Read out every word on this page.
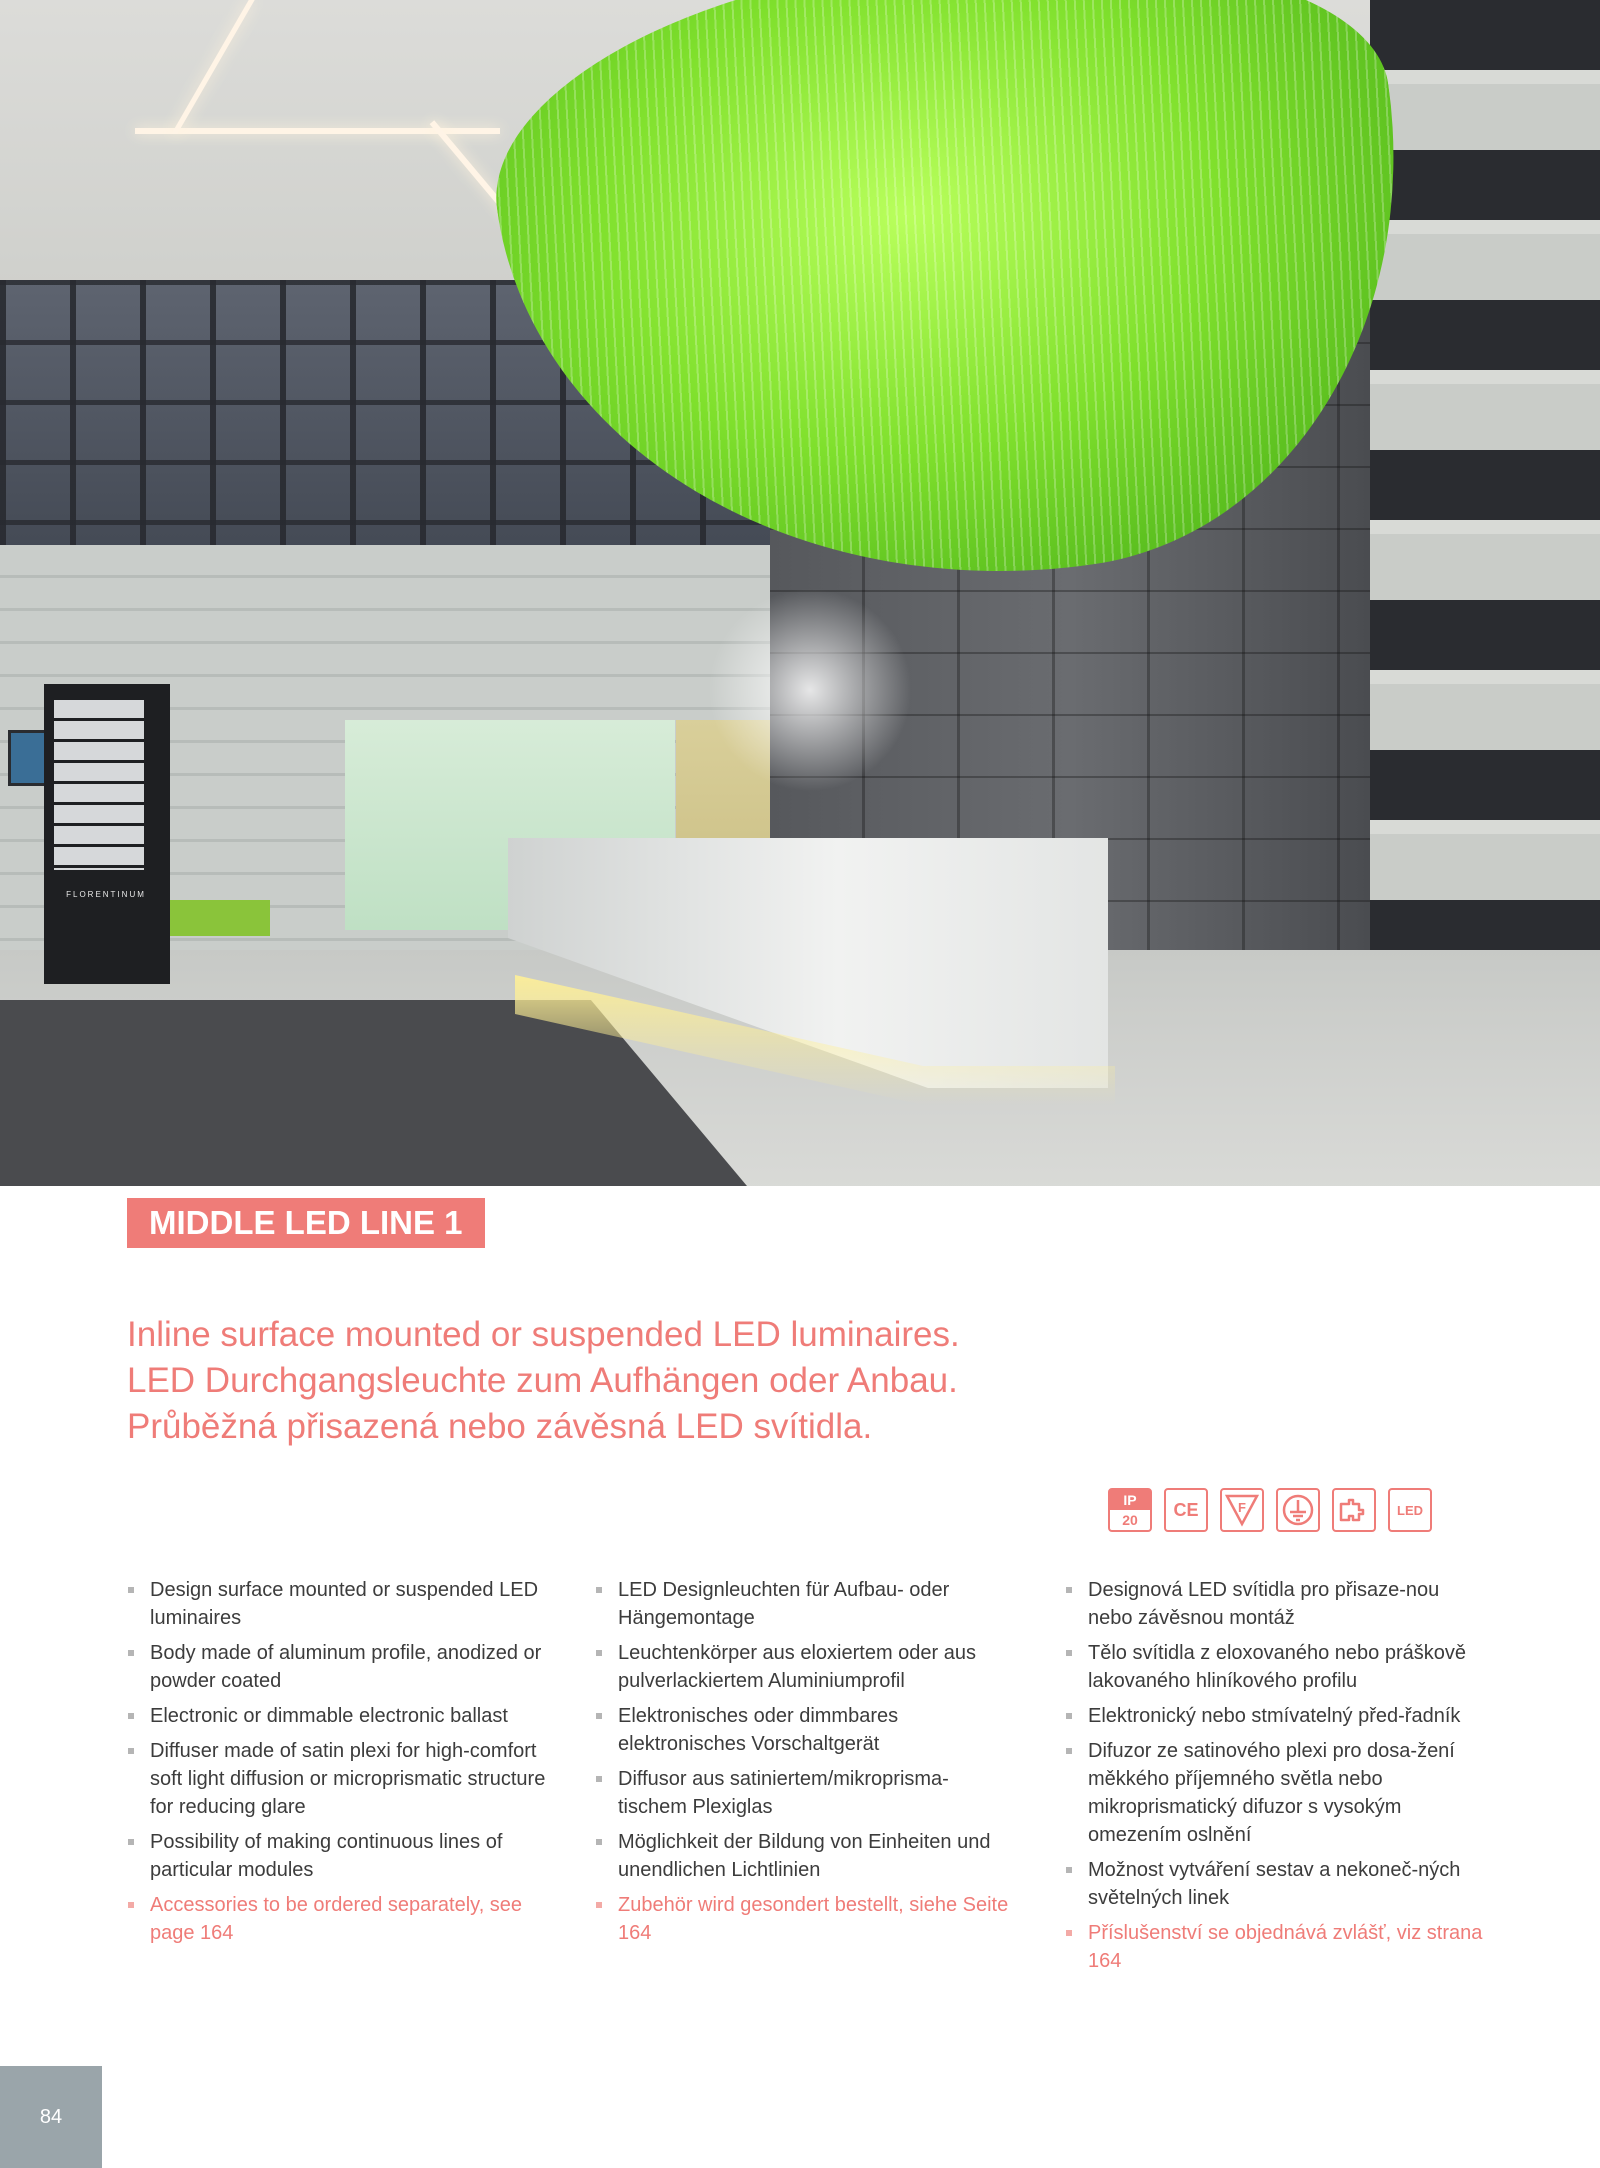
FLORENTINUM
MIDDLE LED LINE 1
Inline surface mounted or suspended LED luminaires.
LED Durchgangsleuchte zum Aufhängen oder Anbau.
Průběžná přisazená nebo závěsná LED svítidla.
IP
20
CE	F	LED
Design surface mounted or suspended LED luminaires
Body made of aluminum profile, anodized or powder coated
Electronic or dimmable electronic ballast
Diffuser made of satin plexi for high-comfort soft light diffusion or microprismatic structure for reducing glare
Possibility of making continuous lines of particular modules
Accessories to be ordered separately, see page 164
LED Designleuchten für Aufbau- oder Hängemontage
Leuchtenkörper aus eloxiertem oder aus pulverlackiertem Aluminiumprofil
Elektronisches oder dimmbares elektronisches Vorschaltgerät
Diffusor aus satiniertem/mikroprisma-tischem Plexiglas
Möglichkeit der Bildung von Einheiten und unendlichen Lichtlinien
Zubehör wird gesondert bestellt, siehe Seite 164
Designová LED svítidla pro přisaze-nou nebo závěsnou montáž
Tělo svítidla z eloxovaného nebo práškově lakovaného hliníkového profilu
Elektronický nebo stmívatelný před-řadník
Difuzor ze satinového plexi pro dosa-žení měkkého příjemného světla nebo mikroprismatický difuzor s vysokým omezením oslnění
Možnost vytváření sestav a nekoneč-ných světelných linek
Příslušenství se objednává zvlášť, viz strana 164
84
